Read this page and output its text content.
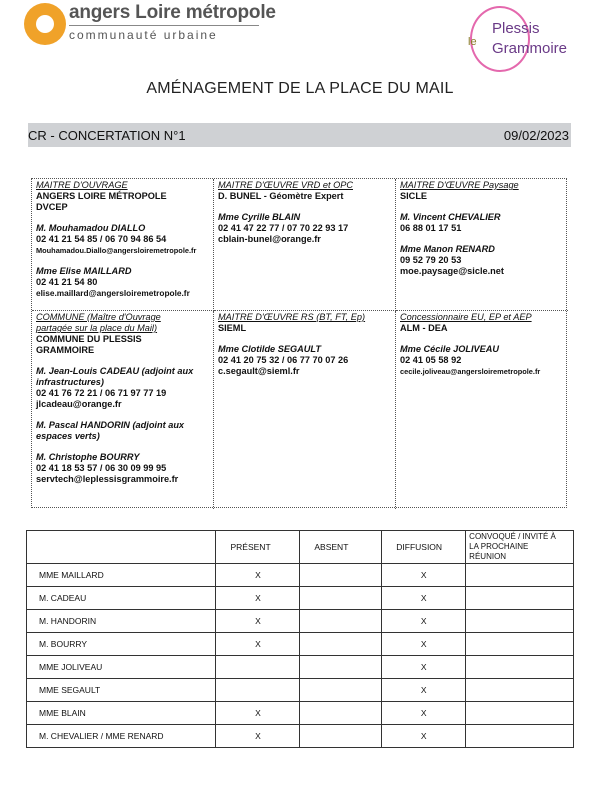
angers Loire métropole
communauté urbaine	le
Plessis
Grammoire
AMÉNAGEMENT DE LA PLACE DU MAIL
CR - CONCERTATION N°1	09/02/2023
MAITRE D'OUVRAGE
ANGERS LOIRE MÉTROPOLE
DVCEP
M. Mouhamadou DIALLO
02 41 21 54 85 / 06 70 94 86 54
Mouhamadou.Diallo@angersloiremetropole.fr
Mme Elise MAILLARD
02 41 21 54 80
elise.maillard@angersloiremetropole.fr
MAITRE D'ŒUVRE VRD et OPC
D. BUNEL - Géomètre Expert
Mme Cyrille BLAIN
02 41 47 22 77 / 07 70 22 93 17
cblain-bunel@orange.fr
MAITRE D'ŒUVRE Paysage
SICLE
M. Vincent CHEVALIER
06 88 01 17 51
Mme Manon RENARD
09 52 79 20 53
moe.paysage@sicle.net
COMMUNE (Maître d'Ouvrage
partagée sur la place du Mail)
COMMUNE DU PLESSIS
GRAMMOIRE
M. Jean-Louis CADEAU (adjoint aux
infrastructures)
02 41 76 72 21 / 06 71 97 77 19
jlcadeau@orange.fr
M. Pascal HANDORIN (adjoint aux
espaces verts)
M. Christophe BOURRY
02 41 18 53 57 / 06 30 09 99 95
servtech@leplessisgrammoire.fr
MAITRE D'ŒUVRE RS (BT, FT, Ep)
SIEML
Mme Clotilde SEGAULT
02 41 20 75 32 / 06 77 70 07 26
c.segault@sieml.fr
Concessionnaire EU, EP et AEP
ALM - DEA
Mme Cécile JOLIVEAU
02 41 05 58 92
cecile.joliveau@angersloiremetropole.fr
	PRÉSENT	ABSENT	DIFFUSION	CONVOQUÉ / INVITÉ À LA PROCHAINE RÉUNION
MME MAILLARD	X		X	
M. CADEAU	X		X	
M. HANDORIN	X		X	
M. BOURRY	X		X	
MME JOLIVEAU			X	
MME SEGAULT			X	
MME BLAIN	X		X	
M. CHEVALIER / MME RENARD	X		X	
